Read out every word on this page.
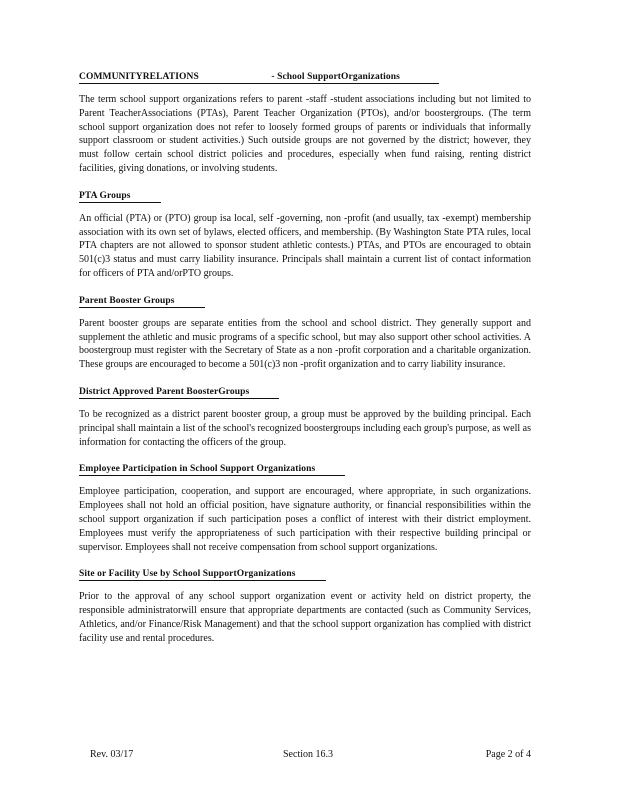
COMMUNITYRELATIONS	- School SupportOrganizations

The term school support organizations refers to parent -staff -student associations including but not limited to Parent TeacherAssociations (PTAs), Parent Teacher Organization (PTOs), and/or boostergroups. (The term school support organization does not refer to loosely formed groups of parents or individuals that informally support classroom or student activities.) Such outside groups are not governed by the district; however, they must follow certain school district policies and procedures, especially when fund raising, renting district facilities, giving donations, or involving students.

PTA Groups

An official (PTA) or (PTO) group isa local, self -governing, non -profit (and usually, tax -exempt) membership association with its own set of bylaws, elected officers, and membership. (By Washington State PTA rules, local PTA chapters are not allowed to sponsor student athletic contests.) PTAs, and PTOs are encouraged to obtain 501(c)3 status and must carry liability insurance. Principals shall maintain a current list of contact information for officers of PTA and/orPTO groups.

Parent Booster Groups

Parent booster groups are separate entities from the school and school district. They generally support and supplement the athletic and music programs of a specific school, but may also support other school activities. A boostergroup must register with the Secretary of State as a non -profit corporation and a charitable organization. These groups are encouraged to become a 501(c)3 non -profit organization and to carry liability insurance.

District Approved Parent BoosterGroups

To be recognized as a district parent booster group, a group must be approved by the building principal. Each principal shall maintain a list of the school's recognized boostergroups including each group's purpose, as well as information for contacting the officers of the group.

Employee Participation in School Support Organizations

Employee participation, cooperation, and support are encouraged, where appropriate, in such organizations. Employees shall not hold an official position, have signature authority, or financial responsibilities within the school support organization if such participation poses a conflict of interest with their district employment. Employees must verify the appropriateness of such participation with their respective building principal or supervisor. Employees shall not receive compensation from school support organizations.

Site or Facility Use by School SupportOrganizations

Prior to the approval of any school support organization event or activity held on district property, the responsible administratorwill ensure that appropriate departments are contacted (such as Community Services, Athletics, and/or Finance/Risk Management) and that the school support organization has complied with district facility use and rental procedures.

Rev. 03/17	Section 16.3	Page 2 of 4
